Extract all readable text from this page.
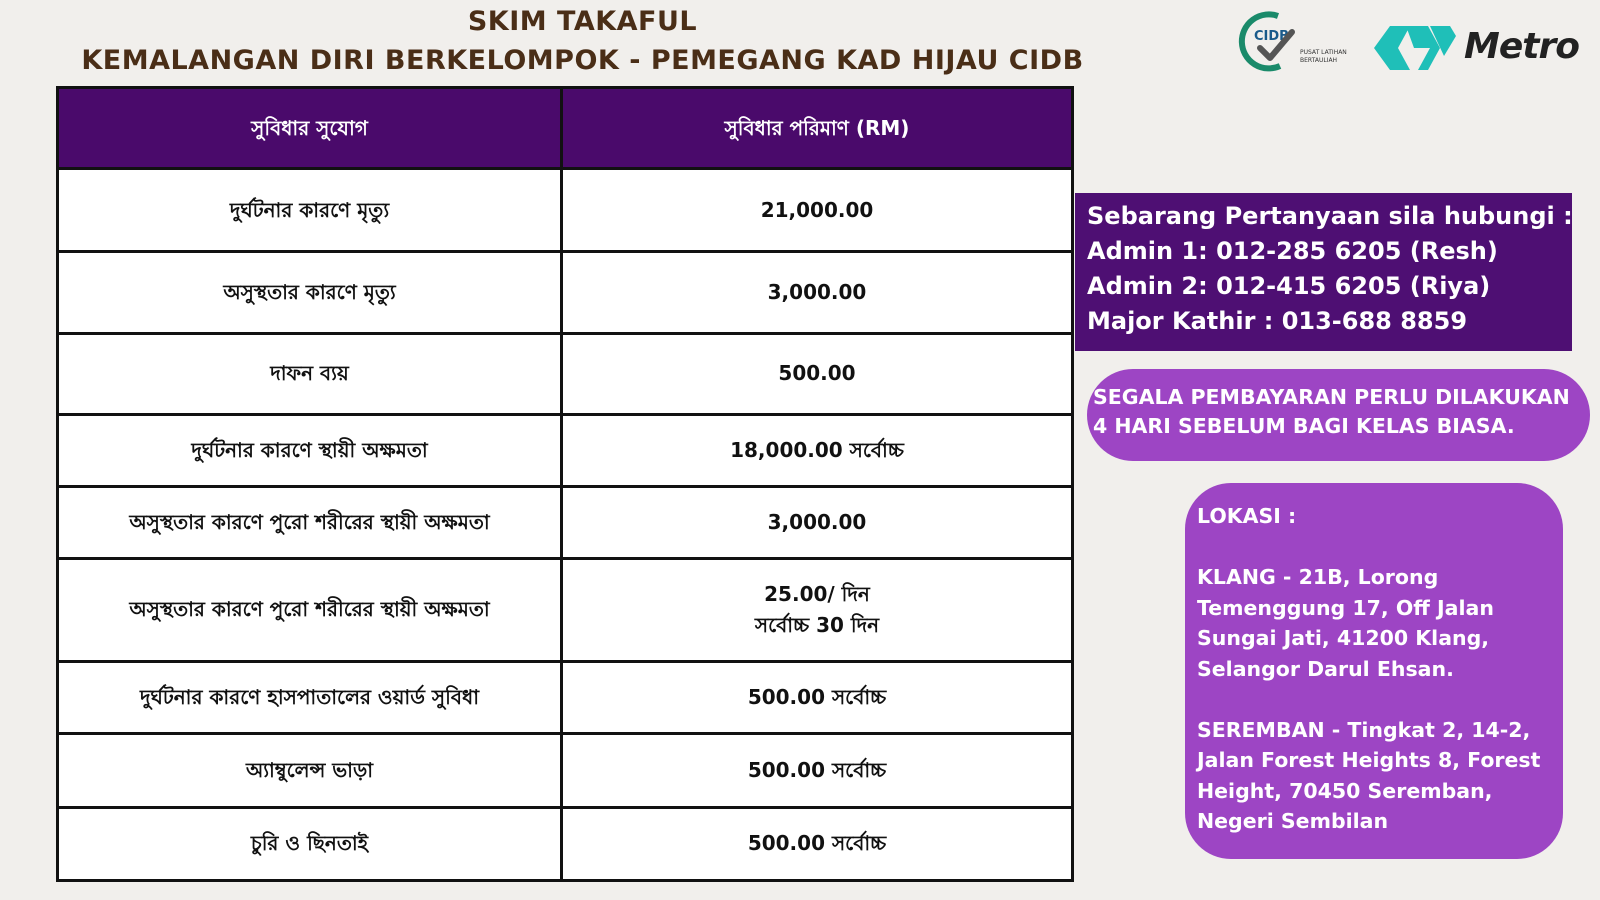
SKIM TAKAFUL
KEMALANGAN DIRI BERKELOMPOK - PEMEGANG KAD HIJAU CIDB
CIDB
PUSAT LATIHAN
BERTAULIAH	Metro
সুবিধার সুযোগ	সুবিধার পরিমাণ (RM)
দুর্ঘটনার কারণে মৃত্যু	21,000.00
অসুস্থতার কারণে মৃত্যু	3,000.00
দাফন ব্যয়	500.00
দুর্ঘটনার কারণে স্থায়ী অক্ষমতা	18,000.00 সর্বোচ্চ
অসুস্থতার কারণে পুরো শরীরের স্থায়ী অক্ষমতা	3,000.00
অসুস্থতার কারণে পুরো শরীরের স্থায়ী অক্ষমতা	25.00/ দিন
সর্বোচ্চ 30 দিন

দুর্ঘটনার কারণে হাসপাতালের ওয়ার্ড সুবিধা	500.00 সর্বোচ্চ
অ্যাম্বুলেন্স ভাড়া	500.00 সর্বোচ্চ
চুরি ও ছিনতাই	500.00 সর্বোচ্চ
Sebarang Pertanyaan sila hubungi :
Admin 1: 012-285 6205 (Resh)
Admin 2: 012-415 6205 (Riya)
Major Kathir : 013-688 8859
SEGALA PEMBAYARAN PERLU DILAKUKAN
4 HARI SEBELUM BAGI KELAS BIASA.
LOKASI :
KLANG - 21B, Lorong
Temenggung 17, Off Jalan
Sungai Jati, 41200 Klang,
Selangor Darul Ehsan.
SEREMBAN - Tingkat 2, 14-2,
Jalan Forest Heights 8, Forest
Height, 70450 Seremban,
Negeri Sembilan
